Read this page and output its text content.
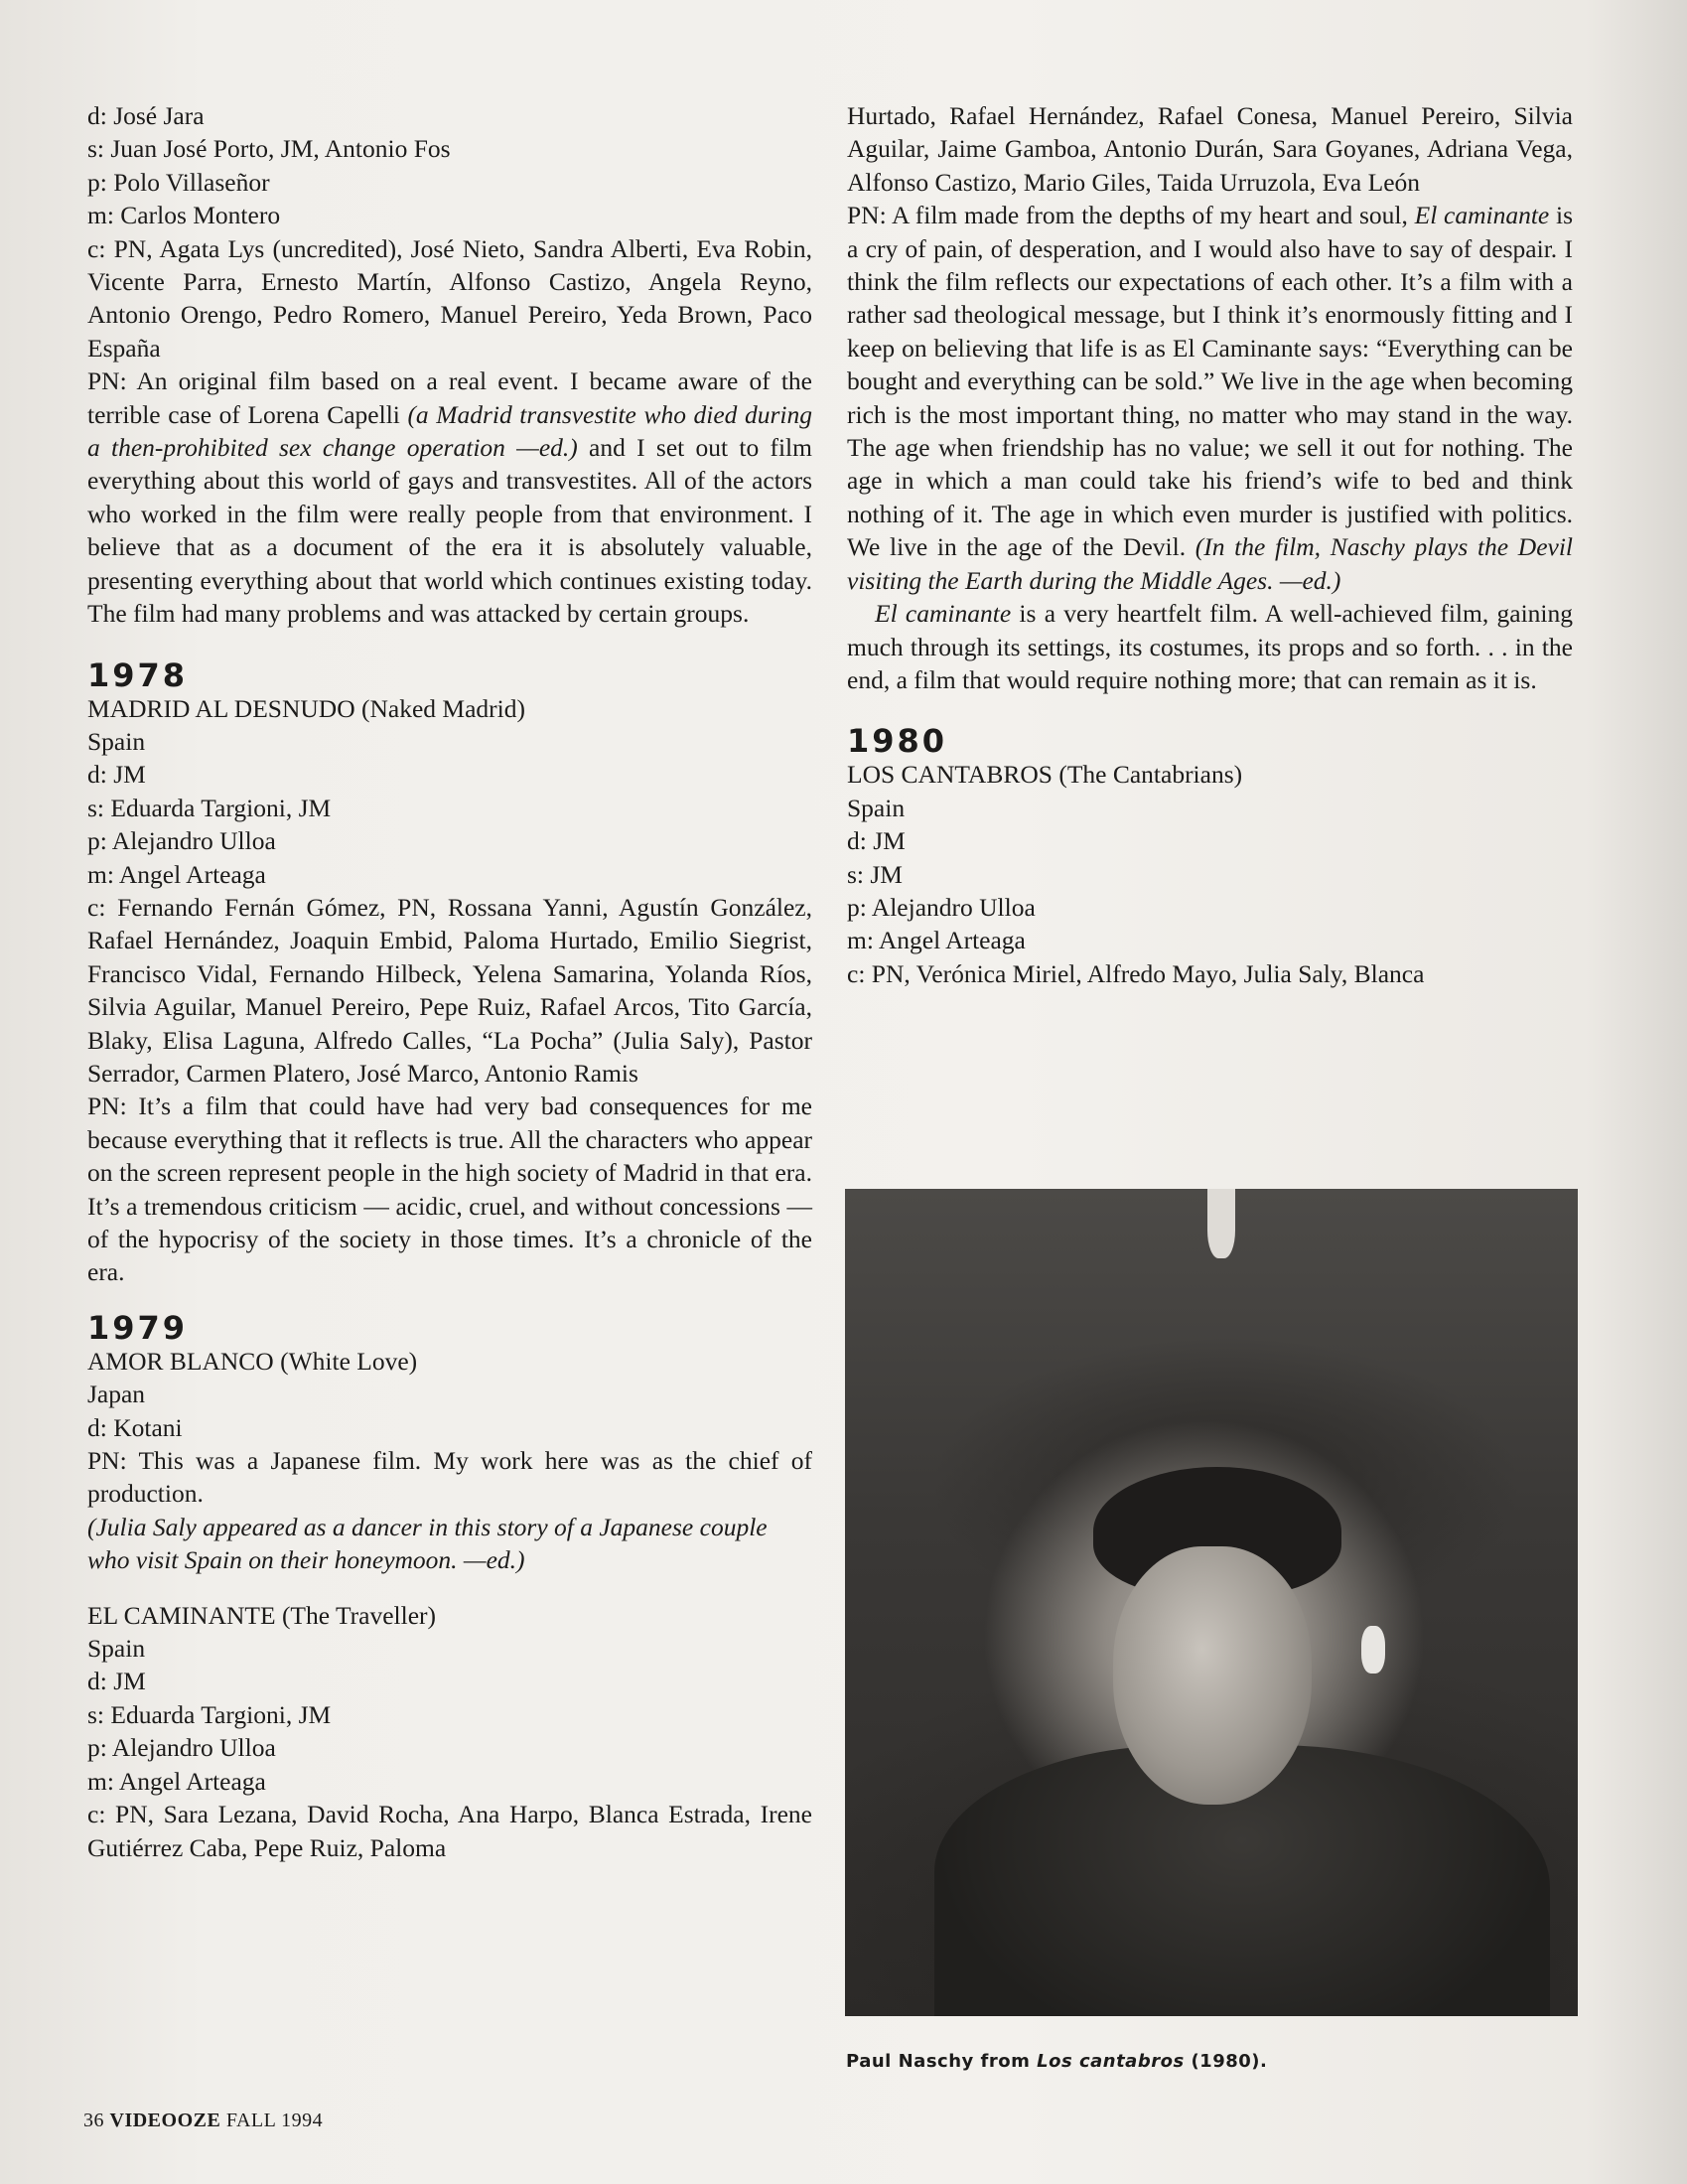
d: José Jara

s: Juan José Porto, JM, Antonio Fos

p: Polo Villaseñor

m: Carlos Montero

c: PN, Agata Lys (uncredited), José Nieto, Sandra Alberti, Eva Robin, Vicente Parra, Ernesto Martín, Alfonso Castizo, Angela Reyno, Antonio Orengo, Pedro Romero, Manuel Pereiro, Yeda Brown, Paco España

PN: An original film based on a real event. I became aware of the terrible case of Lorena Capelli (a Madrid transvestite who died during a then-prohibited sex change operation —ed.) and I set out to film everything about this world of gays and transvestites. All of the actors who worked in the film were really people from that environment. I believe that as a document of the era it is absolutely valuable, presenting everything about that world which continues existing today. The film had many problems and was attacked by certain groups.

1978

MADRID AL DESNUDO (Naked Madrid)

Spain

d: JM

s: Eduarda Targioni, JM

p: Alejandro Ulloa

m: Angel Arteaga

c: Fernando Fernán Gómez, PN, Rossana Yanni, Agustín González, Rafael Hernández, Joaquin Embid, Paloma Hurtado, Emilio Siegrist, Francisco Vidal, Fernando Hilbeck, Yelena Samarina, Yolanda Ríos, Silvia Aguilar, Manuel Pereiro, Pepe Ruiz, Rafael Arcos, Tito García, Blaky, Elisa Laguna, Alfredo Calles, “La Pocha” (Julia Saly), Pastor Serrador, Carmen Platero, José Marco, Antonio Ramis

PN: It’s a film that could have had very bad consequences for me because everything that it reflects is true. All the characters who appear on the screen represent people in the high society of Madrid in that era. It’s a tremendous criticism — acidic, cruel, and without concessions — of the hypocrisy of the society in those times. It’s a chronicle of the era.

1979

AMOR BLANCO (White Love)

Japan

d: Kotani

PN: This was a Japanese film. My work here was as the chief of production.

(Julia Saly appeared as a dancer in this story of a Japanese couple who visit Spain on their honeymoon. —ed.)

EL CAMINANTE (The Traveller)

Spain

d: JM

s: Eduarda Targioni, JM

p: Alejandro Ulloa

m: Angel Arteaga

c: PN, Sara Lezana, David Rocha, Ana Harpo, Blanca Estrada, Irene Gutiérrez Caba, Pepe Ruiz, Paloma

Hurtado, Rafael Hernández, Rafael Conesa, Manuel Pereiro, Silvia Aguilar, Jaime Gamboa, Antonio Durán, Sara Goyanes, Adriana Vega, Alfonso Castizo, Mario Giles, Taida Urruzola, Eva León

PN: A film made from the depths of my heart and soul, El caminante is a cry of pain, of desperation, and I would also have to say of despair. I think the film reflects our expectations of each other. It’s a film with a rather sad theological message, but I think it’s enormously fitting and I keep on believing that life is as El Caminante says: “Everything can be bought and everything can be sold.” We live in the age when becoming rich is the most important thing, no matter who may stand in the way. The age when friendship has no value; we sell it out for nothing. The age in which a man could take his friend’s wife to bed and think nothing of it. The age in which even murder is justified with politics. We live in the age of the Devil. (In the film, Naschy plays the Devil visiting the Earth during the Middle Ages. —ed.)

El caminante is a very heartfelt film. A well-achieved film, gaining much through its settings, its costumes, its props and so forth. . . in the end, a film that would require nothing more; that can remain as it is.

1980

LOS CANTABROS (The Cantabrians)

Spain

d: JM

s: JM

p: Alejandro Ulloa

m: Angel Arteaga

c: PN, Verónica Miriel, Alfredo Mayo, Julia Saly, Blanca

Paul Naschy from Los cantabros (1980).

36 VIDEOOZE FALL 1994
